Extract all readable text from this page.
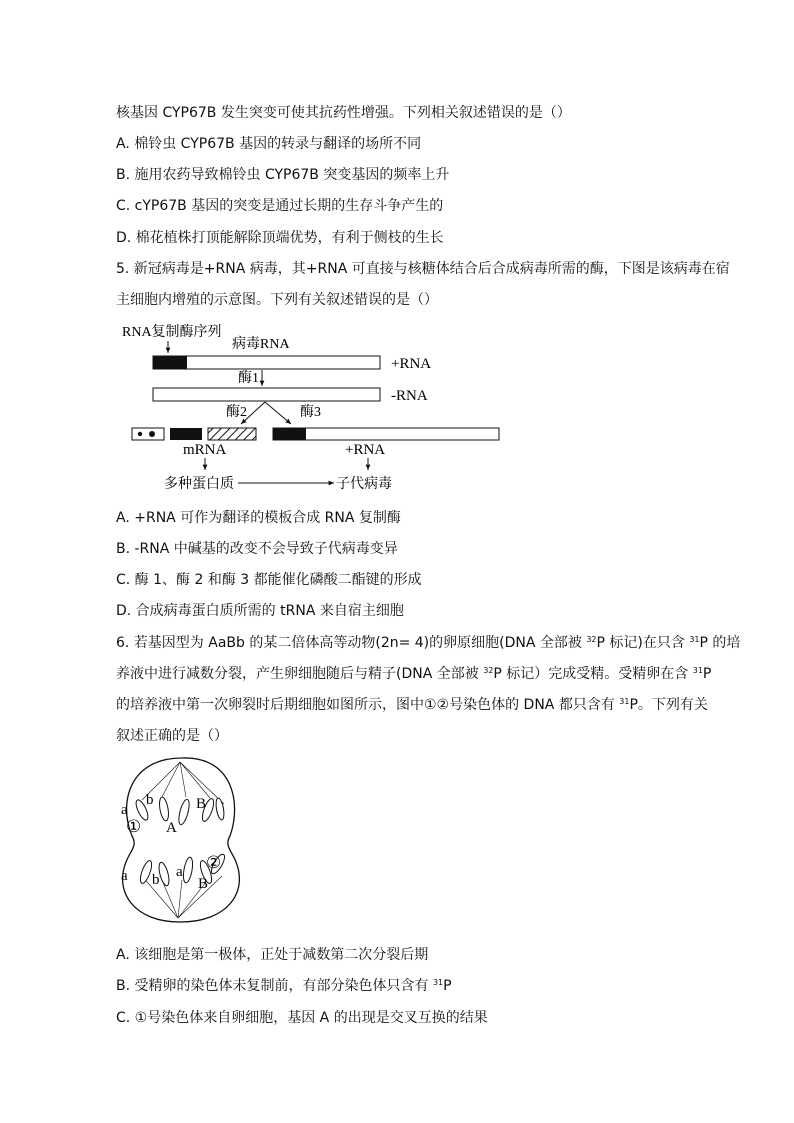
核基因 CYP67B 发生突变可使其抗药性增强。下列相关叙述错误的是（）
A. 棉铃虫 CYP67B 基因的转录与翻译的场所不同
B. 施用农药导致棉铃虫 CYP67B 突变基因的频率上升
C. cYP67B 基因的突变是通过长期的生存斗争产生的
D. 棉花植株打顶能解除顶端优势，有利于侧枝的生长
5. 新冠病毒是+RNA 病毒，其+RNA 可直接与核糖体结合后合成病毒所需的酶，下图是该病毒在宿
主细胞内增殖的示意图。下列有关叙述错误的是（）
RNA复制酶序列
病毒RNA
+RNA
酶1
-RNA
酶2	酶3
mRNA	+RNA
多种蛋白质	子代病毒
A. +RNA 可作为翻译的模板合成 RNA 复制酶
B. -RNA 中碱基的改变不会导致子代病毒变异
C. 酶 1、酶 2 和酶 3 都能催化磷酸二酯键的形成
D. 合成病毒蛋白质所需的 tRNA 来自宿主细胞
6. 若基因型为 AaBb 的某二倍体高等动物(2n= 4)的卵原细胞(DNA 全部被 $^{32}$P 标记)在只含 $^{31}$P 的培
养液中进行减数分裂，产生卵细胞随后与精子(DNA 全部被 $^{32}$P 标记）完成受精。受精卵在含 $^{31}$P
的培养液中第一次卵裂时后期细胞如图所示，图中①②号染色体的 DNA 都只含有 $^{31}$P。下列有关
叙述正确的是（）
a
b	B
A
①
a b a
B
②
A. 该细胞是第一极体，正处于减数第二次分裂后期
B. 受精卵的染色体未复制前，有部分染色体只含有 $^{31}$P
C. ①号染色体来自卵细胞，基因 A 的出现是交叉互换的结果
